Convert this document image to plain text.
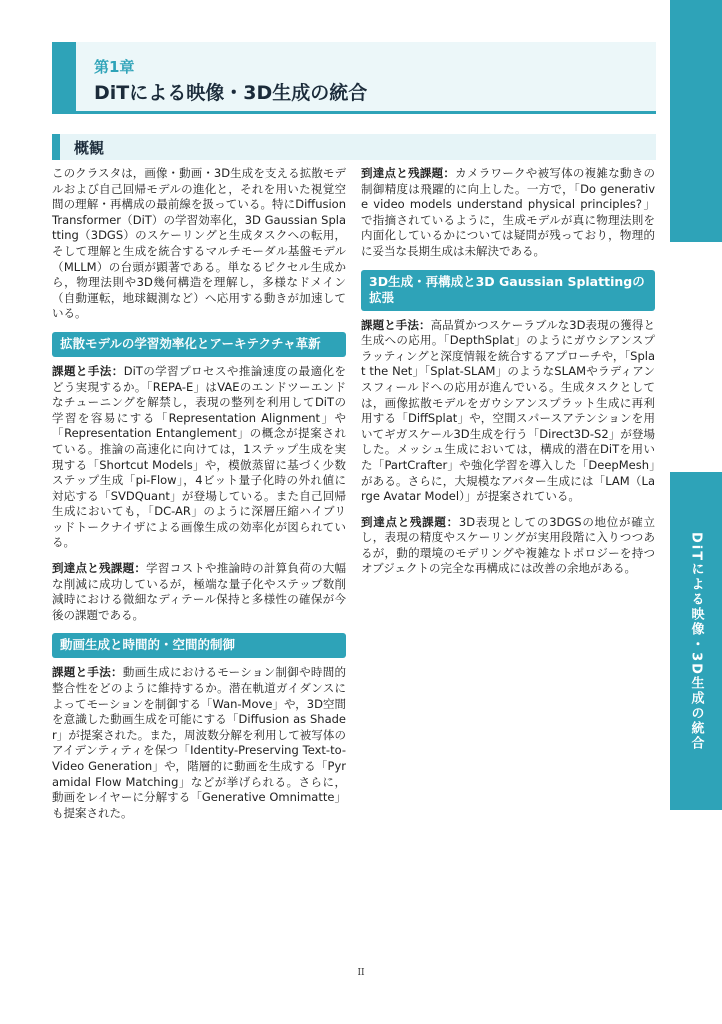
DiTによる映像・3D生成の統合
第1章
DiTによる映像・3D生成の統合
概観

このクラスタは，画像・動画・3D生成を支える拡散モデルおよび自己回帰モデルの進化と，それを用いた視覚空間の理解・再構成の最前線を扱っている。特にDiffusion Transformer（DiT）の学習効率化，3D Gaussian Splatting（3DGS）のスケーリングと生成タスクへの転用，そして理解と生成を統合するマルチモーダル基盤モデル（MLLM）の台頭が顕著である。単なるピクセル生成から，物理法則や3D幾何構造を理解し，多様なドメイン（自動運転，地球観測など）へ応用する動きが加速している。

拡散モデルの学習効率化とアーキテクチャ革新

課題と手法：DiTの学習プロセスや推論速度の最適化をどう実現するか。「REPA-E」はVAEのエンドツーエンドなチューニングを解禁し，表現の整列を利用してDiTの学習を容易にする「Representation Alignment」や「Representation Entanglement」の概念が提案されている。推論の高速化に向けては，1ステップ生成を実現する「Shortcut Models」や，模倣蒸留に基づく少数ステップ生成「pi-Flow」，4ビット量子化時の外れ値に対応する「SVDQuant」が登場している。また自己回帰生成においても，「DC-AR」のように深層圧縮ハイブリッドトークナイザによる画像生成の効率化が図られている。

到達点と残課題：学習コストや推論時の計算負荷の大幅な削減に成功しているが，極端な量子化やステップ数削減時における微細なディテール保持と多様性の確保が今後の課題である。

動画生成と時間的・空間的制御

課題と手法：動画生成におけるモーション制御や時間的整合性をどのように維持するか。潜在軌道ガイダンスによってモーションを制御する「Wan-Move」や，3D空間を意識した動画生成を可能にする「Diffusion as Shader」が提案された。また，周波数分解を利用して被写体のアイデンティティを保つ「Identity-Preserving Text-to-Video Generation」や，階層的に動画を生成する「Pyramidal Flow Matching」などが挙げられる。さらに，動画をレイヤーに分解する「Generative Omnimatte」も提案された。

到達点と残課題：カメラワークや被写体の複雑な動きの制御精度は飛躍的に向上した。一方で，「Do generative video models understand physical principles?」で指摘されているように，生成モデルが真に物理法則を内面化しているかについては疑問が残っており，物理的に妥当な長期生成は未解決である。

3D生成・再構成と3D Gaussian Splattingの拡張

課題と手法：高品質かつスケーラブルな3D表現の獲得と生成への応用。「DepthSplat」のようにガウシアンスプラッティングと深度情報を統合するアプローチや，「Splat the Net」「Splat-SLAM」のようなSLAMやラディアンスフィールドへの応用が進んでいる。生成タスクとしては，画像拡散モデルをガウシアンスプラット生成に再利用する「DiffSplat」や，空間スパースアテンションを用いてギガスケール3D生成を行う「Direct3D-S2」が登場した。メッシュ生成においては，構成的潜在DiTを用いた「PartCrafter」や強化学習を導入した「DeepMesh」がある。さらに，大規模なアバター生成には「LAM（Large Avatar Model）」が提案されている。

到達点と残課題：3D表現としての3DGSの地位が確立し，表現の精度やスケーリングが実用段階に入りつつあるが，動的環境のモデリングや複雑なトポロジーを持つオブジェクトの完全な再構成には改善の余地がある。

II
